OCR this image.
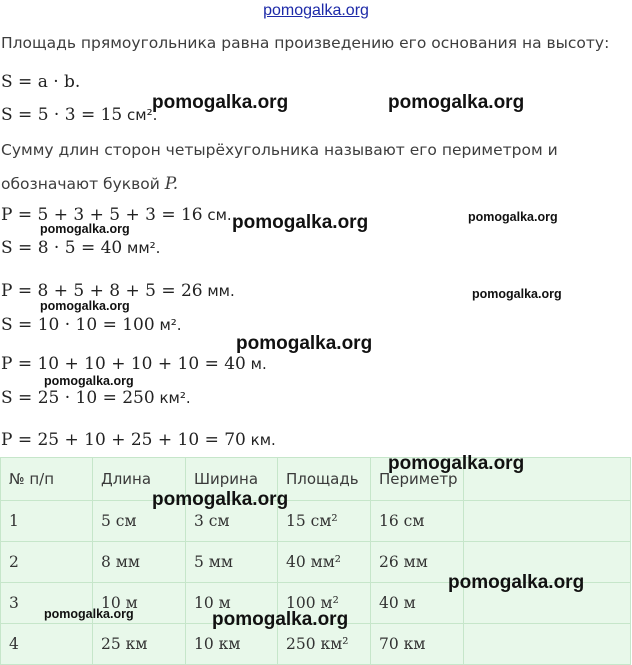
pomogalka.org
Площадь прямоугольника равна произведению его основания на высоту:
S = a · b.
S = 5 · 3 = 15 см².
Сумму длин сторон четырёхугольника называют его периметром и
обозначают буквой P.
P = 5 + 3 + 5 + 3 = 16 см.
S = 8 · 5 = 40 мм².
P = 8 + 5 + 8 + 5 = 26 мм.
S = 10 · 10 = 100 м².
P = 10 + 10 + 10 + 10 = 40 м.
S = 25 · 10 = 250 км².
P = 25 + 10 + 25 + 10 = 70 км.
№ п/п	Длина	Ширина	Площадь	Периметр	
1	5 см	3 см	15 см²	16 см	
2	8 мм	5 мм	40 мм²	26 мм	
3	10 м	10 м	100 м²	40 м	
4	25 км	10 км	250 км²	70 км	
pomogalka.org	pomogalka.org
pomogalka.org	pomogalka.org
pomogalka.org
pomogalka.org
pomogalka.org
pomogalka.org
pomogalka.org
pomogalka.org
pomogalka.org
pomogalka.org
pomogalka.org	pomogalka.org
